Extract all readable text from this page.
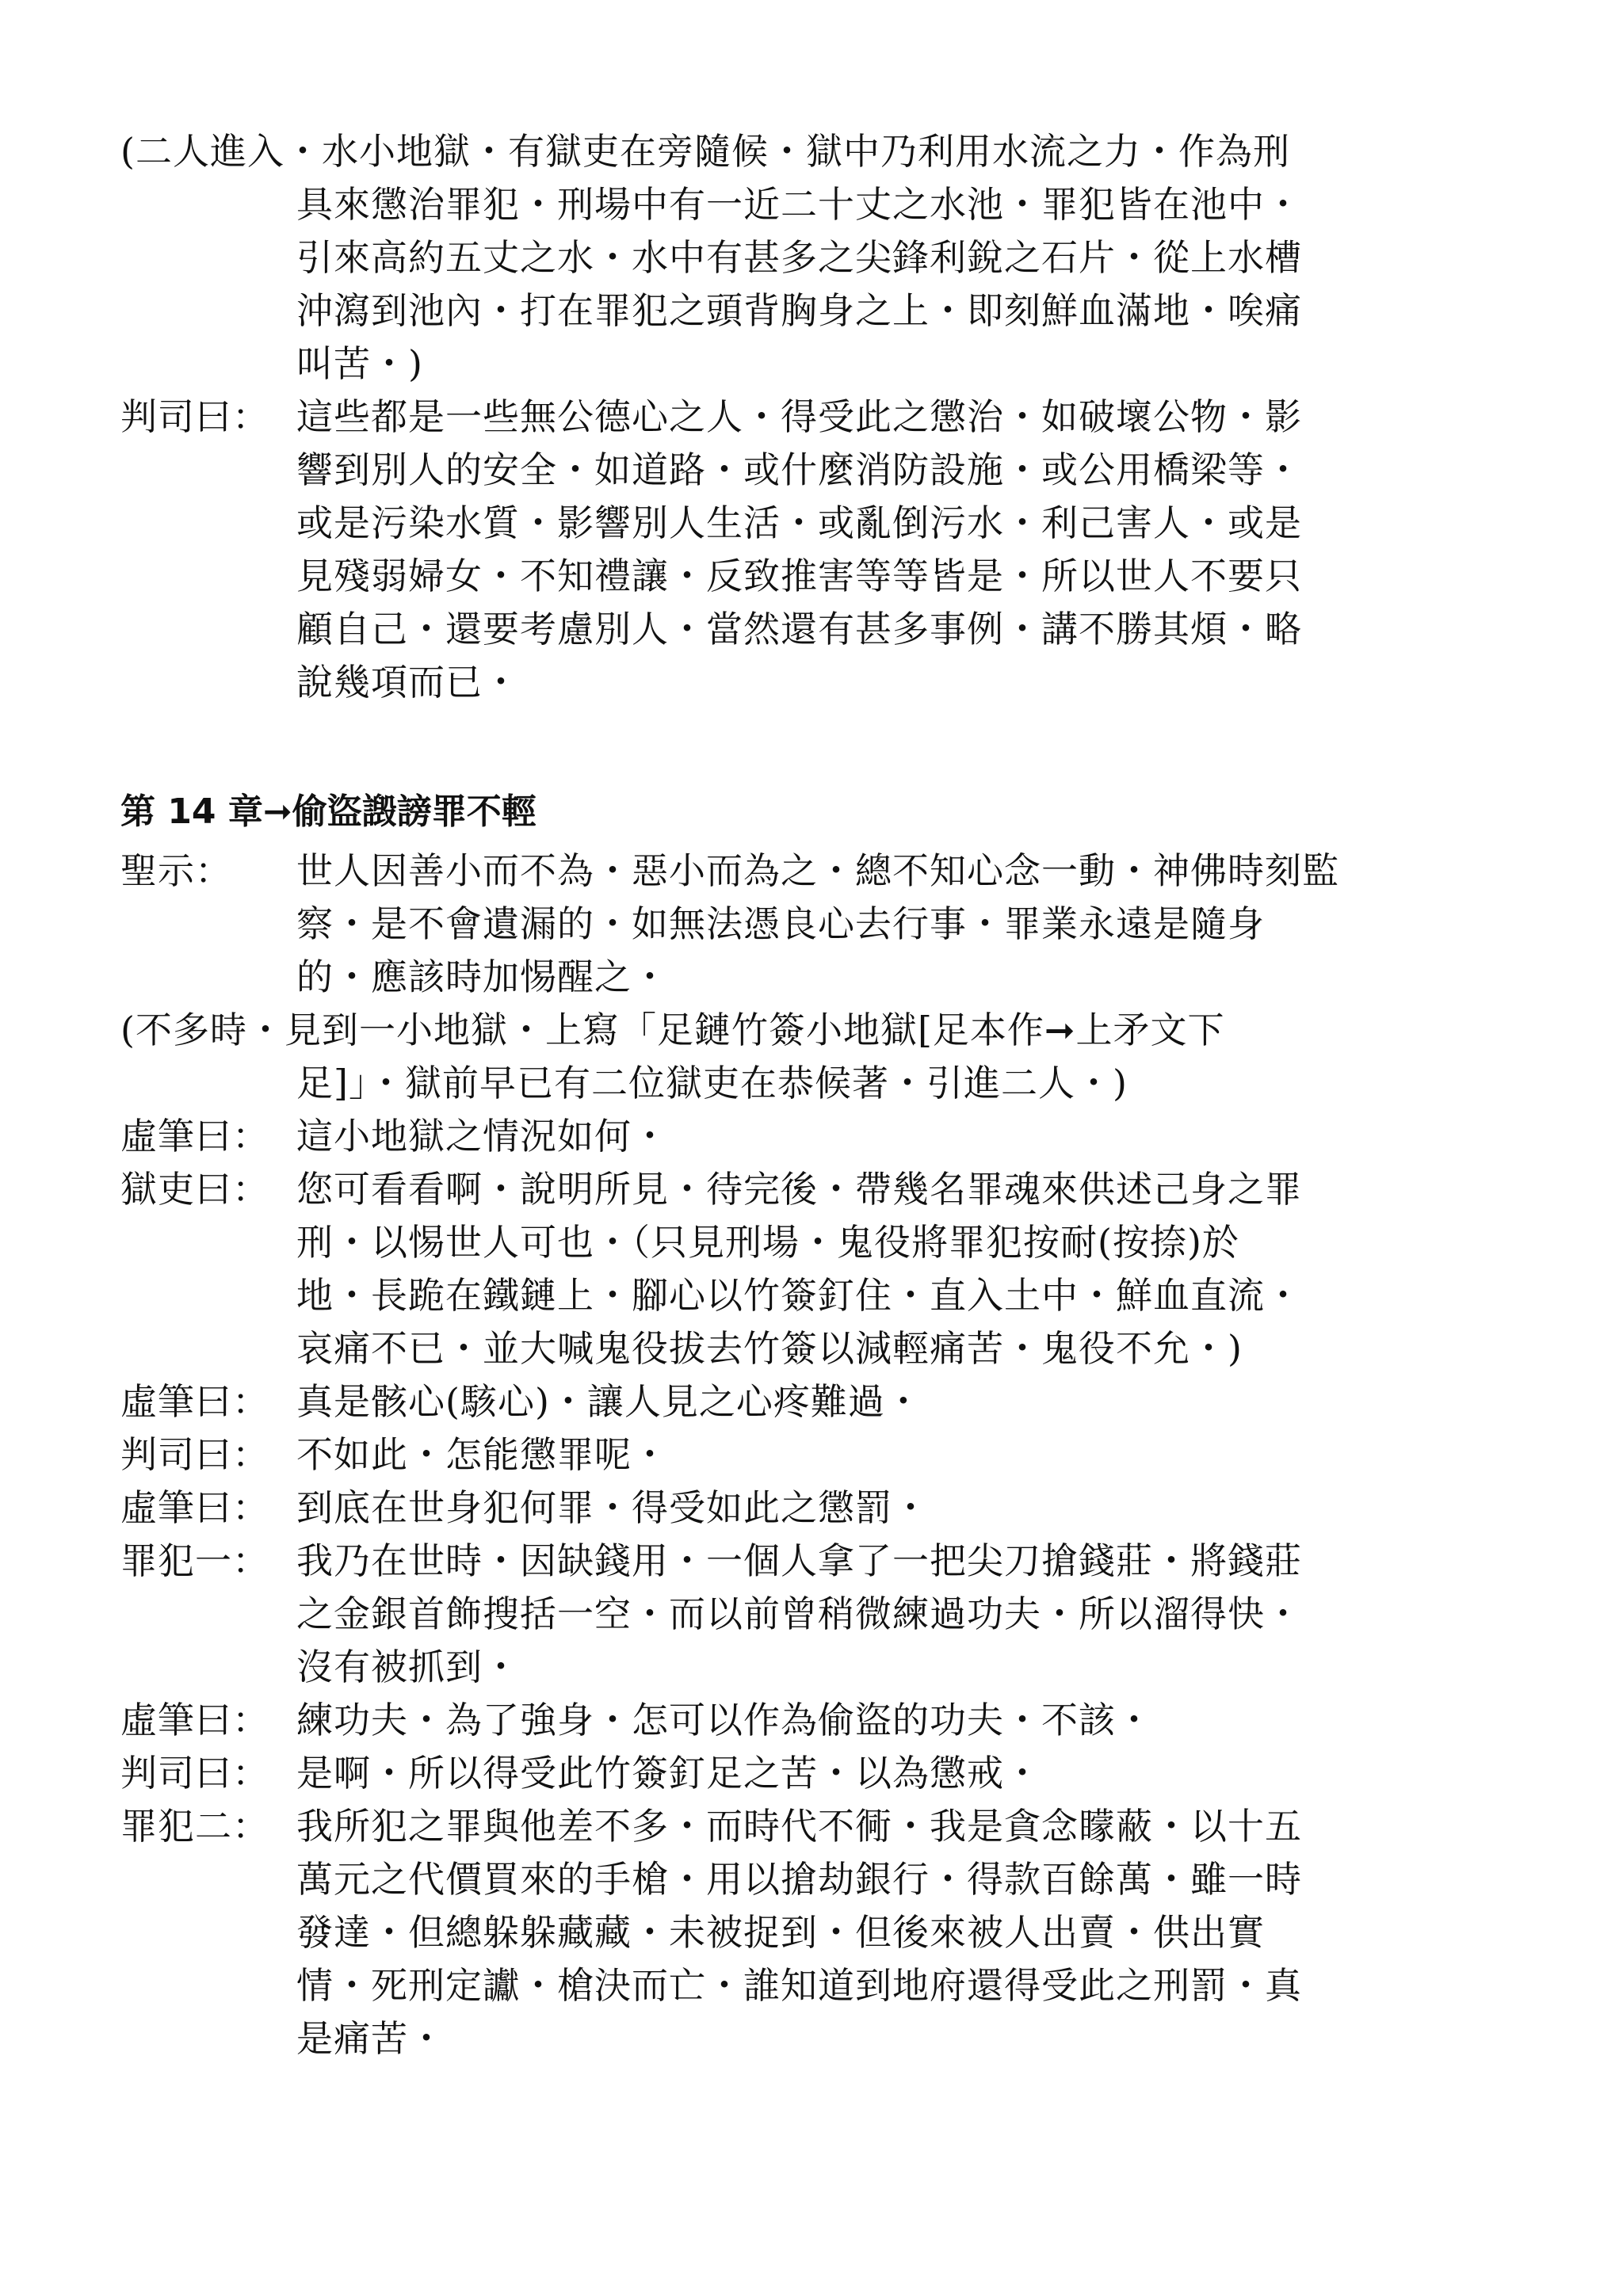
(二人進入・水小地獄・有獄吏在旁隨候・獄中乃利用水流之力・作為刑
具來懲治罪犯・刑場中有一近二十丈之水池・罪犯皆在池中・
引來高約五丈之水・水中有甚多之尖鋒利銳之石片・從上水槽
沖瀉到池內・打在罪犯之頭背胸身之上・即刻鮮血滿地・唉痛
叫苦・)
判司曰： 這些都是一些無公德心之人・得受此之懲治・如破壞公物・影
響到別人的安全・如道路・或什麼消防設施・或公用橋梁等・
或是污染水質・影響別人生活・或亂倒污水・利己害人・或是
見殘弱婦女・不知禮讓・反致推害等等皆是・所以世人不要只
顧自己・還要考慮別人・當然還有甚多事例・講不勝其煩・略
說幾項而已・
第 14 章➞偷盜譭謗罪不輕
聖示： 世人因善小而不為・惡小而為之・總不知心念一動・神佛時刻監
察・是不會遺漏的・如無法憑良心去行事・罪業永遠是隨身
的・應該時加惕醒之・
(不多時・見到一小地獄・上寫「足鏈竹簽小地獄[足本作➞上矛文下
足]」・獄前早已有二位獄吏在恭候著・引進二人・)
虛筆曰： 這小地獄之情況如何・
獄吏曰： 您可看看啊・說明所見・待完後・帶幾名罪魂來供述己身之罪
刑・以惕世人可也・（只見刑場・鬼役將罪犯按耐(按捺)於
地・長跪在鐵鏈上・腳心以竹簽釘住・直入土中・鮮血直流・
哀痛不已・並大喊鬼役拔去竹簽以減輕痛苦・鬼役不允・)
虛筆曰： 真是骸心(駭心)・讓人見之心疼難過・
判司曰： 不如此・怎能懲罪呢・
虛筆曰： 到底在世身犯何罪・得受如此之懲罰・
罪犯一： 我乃在世時・因缺錢用・一個人拿了一把尖刀搶錢莊・將錢莊
之金銀首飾搜括一空・而以前曾稍微練過功夫・所以溜得快・
沒有被抓到・
虛筆曰： 練功夫・為了強身・怎可以作為偷盜的功夫・不該・
判司曰： 是啊・所以得受此竹簽釘足之苦・以為懲戒・
罪犯二： 我所犯之罪與他差不多・而時代不衕・我是貪念矇蔽・以十五
萬元之代價買來的手槍・用以搶劫銀行・得款百餘萬・雖一時
發達・但總躲躲藏藏・未被捉到・但後來被人出賣・供出實
情・死刑定讞・槍決而亡・誰知道到地府還得受此之刑罰・真
是痛苦・
